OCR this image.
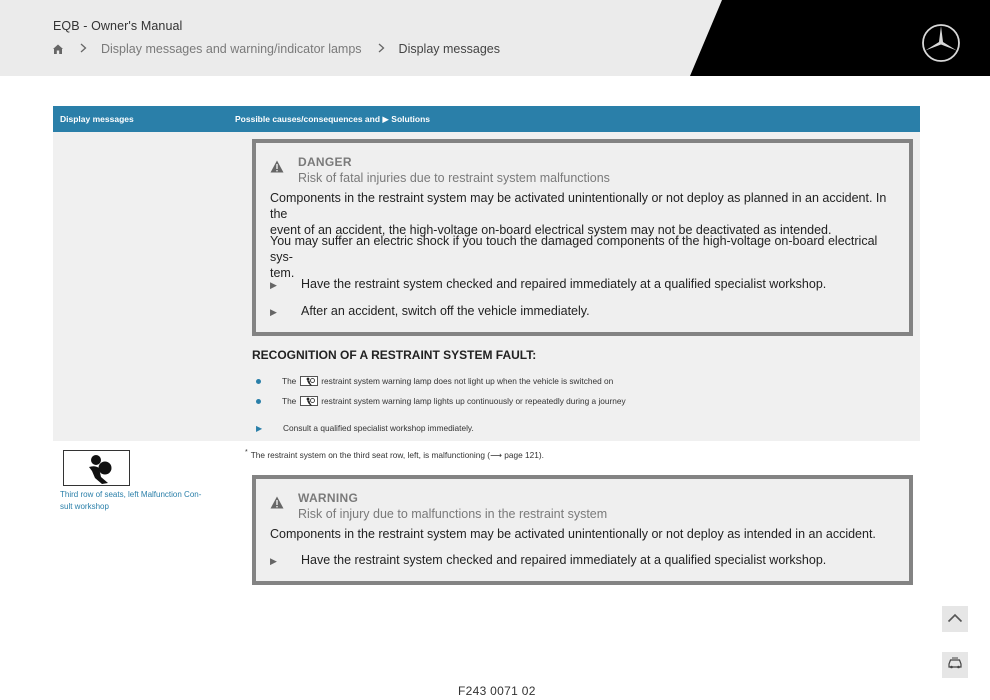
EQB - Owner's Manual
Display messages and warning/indicator lamps	Display messages
Display messages	Possible causes/consequences and ▶ Solutions
DANGER
Risk of fatal injuries due to restraint system malfunctions
Components in the restraint system may be activated unintentionally or not deploy as planned in an accident. In the
event of an accident, the high-voltage on-board electrical system may not be deactivated as intended.
You may suffer an electric shock if you touch the damaged components of the high-voltage on-board electrical sys-
tem.
▶ Have the restraint system checked and repaired immediately at a qualified specialist workshop.
▶ After an accident, switch off the vehicle immediately.
RECOGNITION OF A RESTRAINT SYSTEM FAULT:
The	restraint system warning lamp does not light up when the vehicle is switched on
The	restraint system warning lamp lights up continuously or repeatedly during a journey
▶	Consult a qualified specialist workshop immediately.
* The restraint system on the third seat row, left, is malfunctioning (⟶ page 121).
Third row of seats, left Malfunction Con-
sult workshop
WARNING
Risk of injury due to malfunctions in the restraint system
Components in the restraint system may be activated unintentionally or not deploy as intended in an accident.
▶ Have the restraint system checked and repaired immediately at a qualified specialist workshop.
F243 0071 02
